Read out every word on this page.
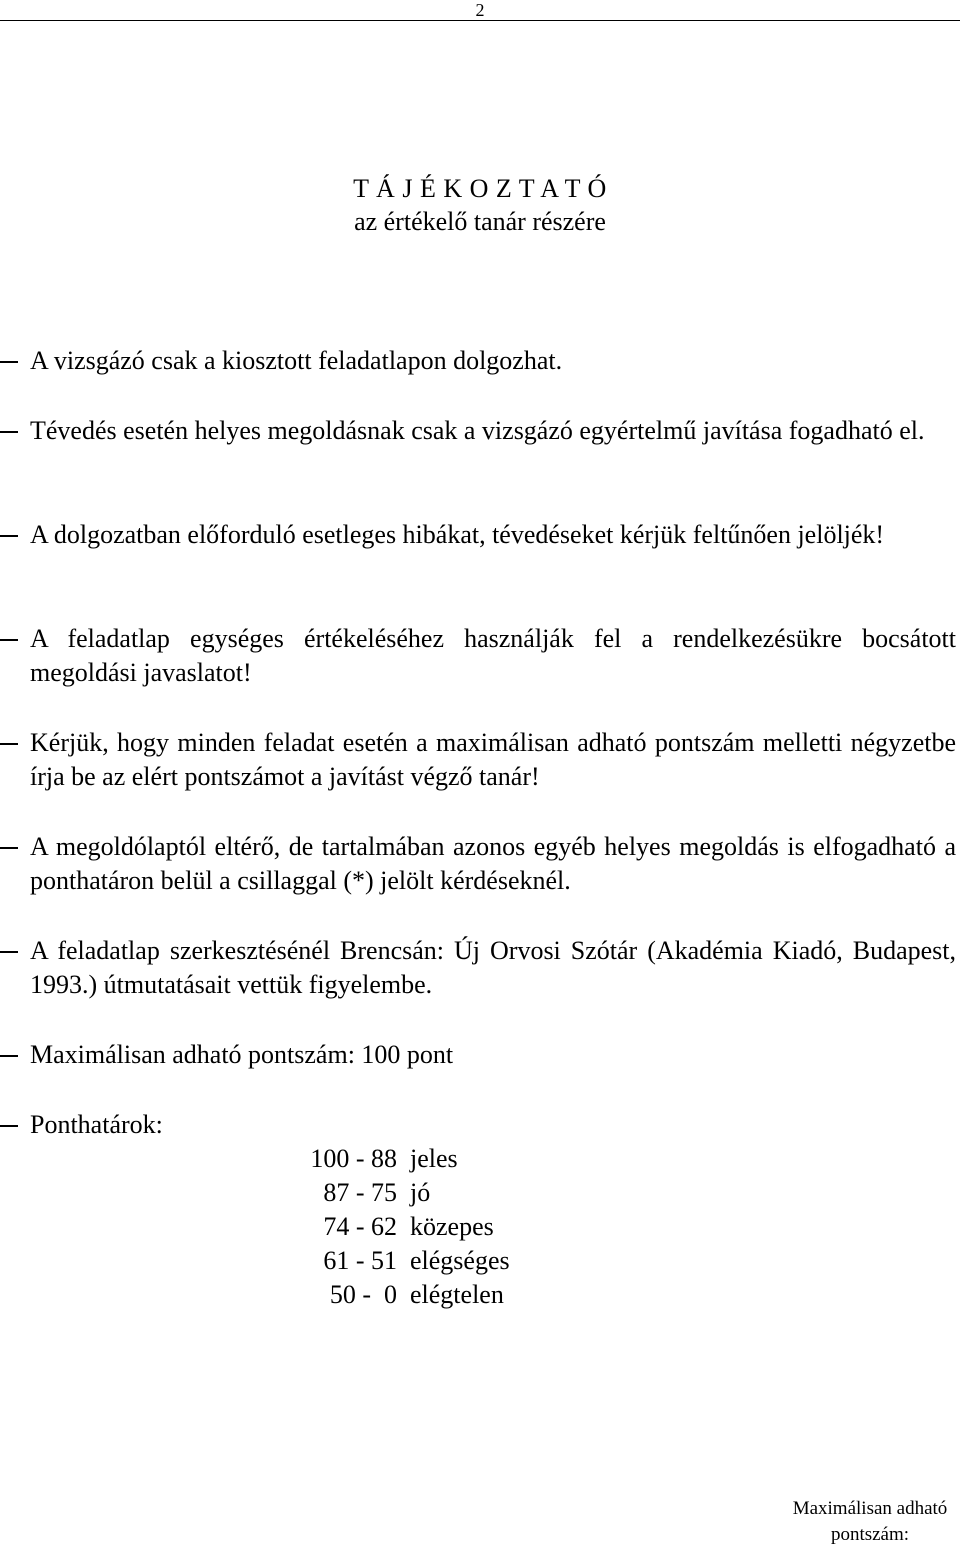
2
T Á J É K O Z T A T Ó
az értékelő tanár részére
A vizsgázó csak a kiosztott feladatlapon dolgozhat.
Tévedés esetén helyes megoldásnak csak a vizsgázó egyértelmű javítása fogadható el.
A dolgozatban előforduló esetleges hibákat, tévedéseket kérjük feltűnően jelöljék!
A feladatlap egységes értékeléséhez használják fel a rendelkezésükre bocsátott megoldási javaslatot!
Kérjük, hogy minden feladat esetén a maximálisan adható pontszám melletti négyzetbe írja be az elért pontszámot a javítást végző tanár!
A megoldólaptól eltérő, de tartalmában azonos egyéb helyes megoldás is elfogadható a ponthatáron belül a csillaggal (*) jelölt kérdéseknél.
A feladatlap szerkesztésénél Brencsán: Új Orvosi Szótár (Akadémia Kiadó, Budapest, 1993.) útmutatásait vettük figyelembe.
Maximálisan adható pontszám: 100 pont
Ponthatárok:
100 - 88 jeles
87 - 75 jó
74 - 62 közepes
61 - 51 elégséges
50 -  0 elégtelen
Maximálisan adható pontszám:
